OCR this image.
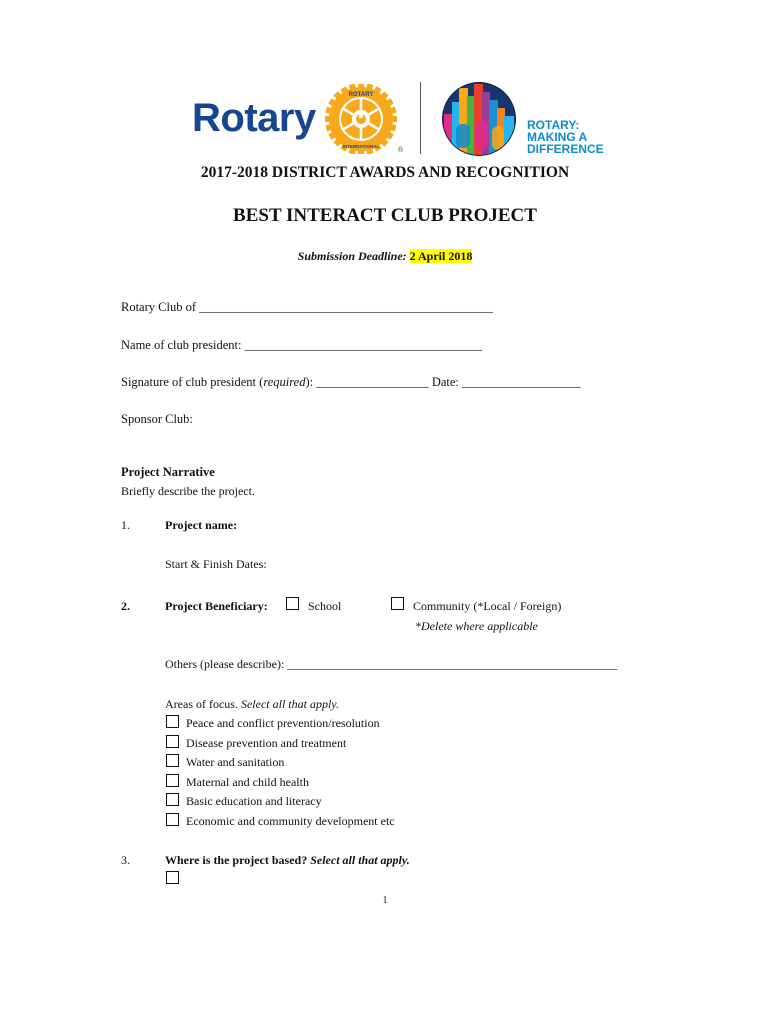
Rotary
ROTARY
INTERNATIONAL
®
ROTARY:
MAKING A
DIFFERENCE
2017-2018 DISTRICT AWARDS AND RECOGNITION
BEST INTERACT CLUB PROJECT
Submission Deadline: 2 April 2018
Rotary Club of _______________________________________________
Name of club president: ______________________________________
Signature of club president (required): __________________ Date: ___________________
Sponsor Club:
Project Narrative
Briefly describe the project.
1.	Project name:
Start & Finish Dates:
2.	Project Beneficiary:	School	Community (*Local / Foreign)
*Delete where applicable
Others (please describe): _______________________________________________________
Areas of focus. Select all that apply.
Peace and conflict prevention/resolution
Disease prevention and treatment
Water and sanitation
Maternal and child health
Basic education and literacy
Economic and community development etc
3.	Where is the project based? Select all that apply.
1
